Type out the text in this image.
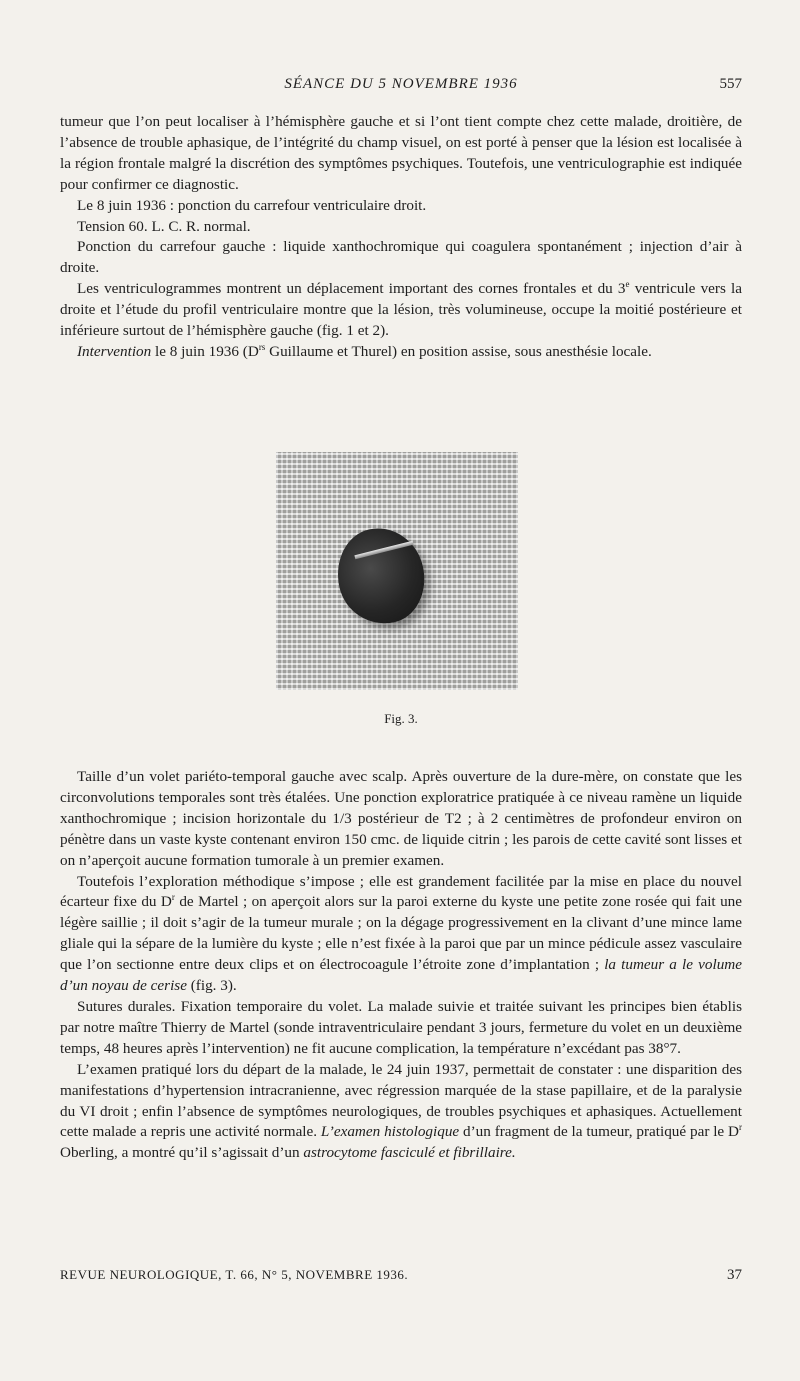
SÉANCE DU 5 NOVEMBRE 1936	557

tumeur que l’on peut localiser à l’hémisphère gauche et si l’ont tient compte chez cette malade, droitière, de l’absence de trouble aphasique, de l’intégrité du champ visuel, on est porté à penser que la lésion est localisée à la région frontale malgré la discrétion des symptômes psychiques. Toutefois, une ventriculographie est indiquée pour confirmer ce diagnostic.

Le 8 juin 1936 : ponction du carrefour ventriculaire droit.

Tension 60. L. C. R. normal.

Ponction du carrefour gauche : liquide xanthochromique qui coagulera spontanément ; injection d’air à droite.

Les ventriculogrammes montrent un déplacement important des cornes frontales et du 3e ventricule vers la droite et l’étude du profil ventriculaire montre que la lésion, très volumineuse, occupe la moitié postérieure et inférieure surtout de l’hémisphère gauche (fig. 1 et 2).

Intervention le 8 juin 1936 ($D^{rs}$ Guillaume et Thurel) en position assise, sous anesthésie locale.

Fig. 3.

Taille d’un volet pariéto-temporal gauche avec scalp. Après ouverture de la dure-mère, on constate que les circonvolutions temporales sont très étalées. Une ponction exploratrice pratiquée à ce niveau ramène un liquide xanthochromique ; incision horizontale du 1/3 postérieur de T2 ; à 2 centimètres de profondeur environ on pénètre dans un vaste kyste contenant environ 150 cmc. de liquide citrin ; les parois de cette cavité sont lisses et on n’aperçoit aucune formation tumorale à un premier examen.

Toutefois l’exploration méthodique s’impose ; elle est grandement facilitée par la mise en place du nouvel écarteur fixe du $D^r$ de Martel ; on aperçoit alors sur la paroi externe du kyste une petite zone rosée qui fait une légère saillie ; il doit s’agir de la tumeur murale ; on la dégage progressivement en la clivant d’une mince lame gliale qui la sépare de la lumière du kyste ; elle n’est fixée à la paroi que par un mince pédicule assez vasculaire que l’on sectionne entre deux clips et on électrocoagule l’étroite zone d’implantation ; la tumeur a le volume d’un noyau de cerise (fig. 3).

Sutures durales. Fixation temporaire du volet. La malade suivie et traitée suivant les principes bien établis par notre maître Thierry de Martel (sonde intraventriculaire pendant 3 jours, fermeture du volet en un deuxième temps, 48 heures après l’intervention) ne fit aucune complication, la température n’excédant pas 38°7.

L’examen pratiqué lors du départ de la malade, le 24 juin 1937, permettait de constater : une disparition des manifestations d’hypertension intracranienne, avec régression marquée de la stase papillaire, et de la paralysie du VI droit ; enfin l’absence de symptômes neurologiques, de troubles psychiques et aphasiques. Actuellement cette malade a repris une activité normale. L’examen histologique d’un fragment de la tumeur, pratiqué par le $D^r$ Oberling, a montré qu’il s’agissait d’un astrocytome fasciculé et fibrillaire.

REVUE NEUROLOGIQUE, T. 66, N° 5, NOVEMBRE 1936.	37
